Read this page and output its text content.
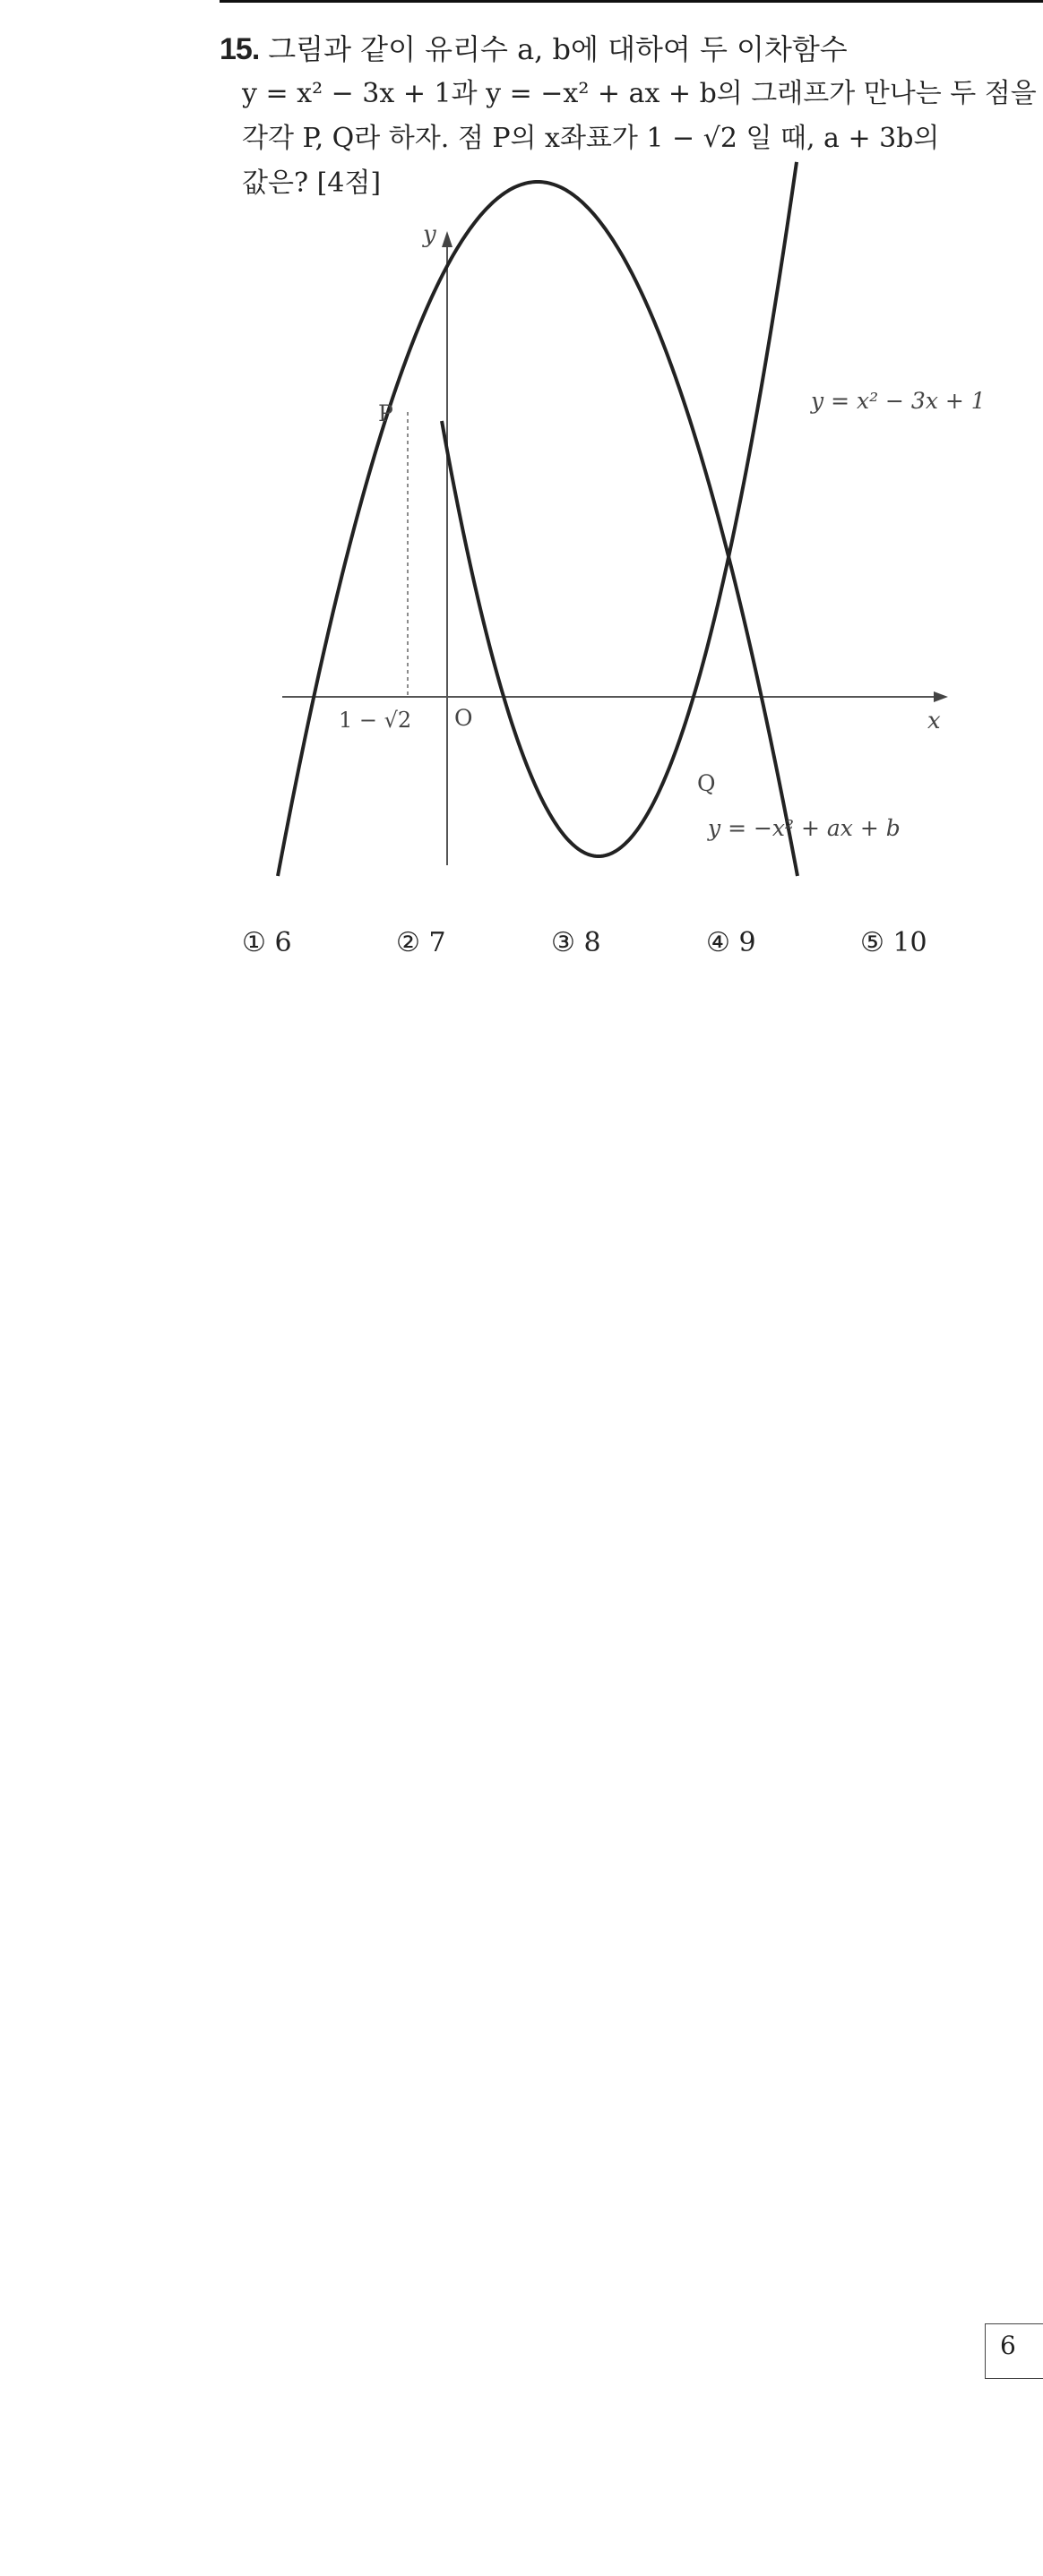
15. 그림과 같이 유리수 a, b에 대하여 두 이차함수
y = x² − 3x + 1과 y = −x² + ax + b의 그래프가 만나는 두 점을
각각 P, Q라 하자. 점 P의 x좌표가 1 − √2 일 때, a + 3b의
값은? [4점]
y
x
O
P
Q
1 − √2
y = x² − 3x + 1
y = −x² + ax + b
① 6	② 7	③ 8	④ 9	⑤ 10
6
